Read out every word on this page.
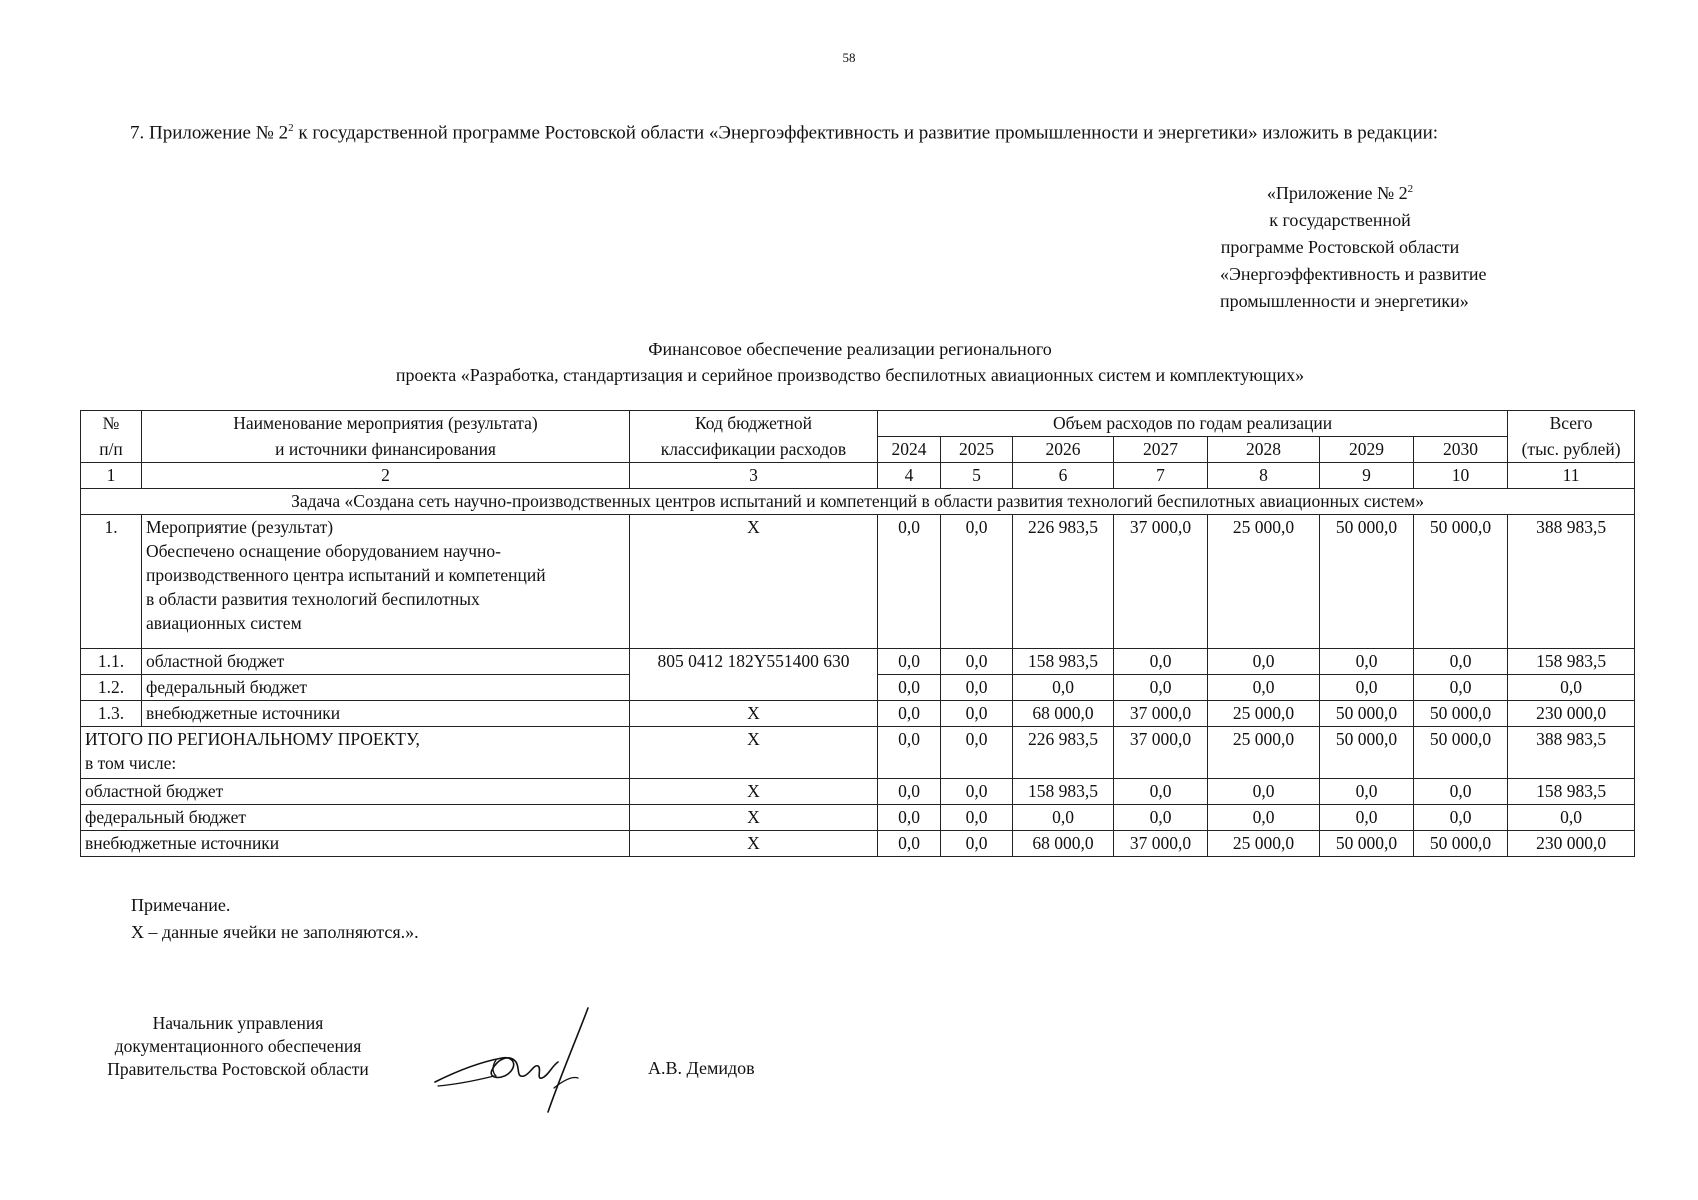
58
7. Приложение № $2^2$ к государственной программе Ростовской области «Энергоэффективность и развитие промышленности и энергетики» изложить в редакции:
«Приложение № $2^2$
к государственной
программе Ростовской области
«Энергоэффективность и развитие
промышленности и энергетики»
Финансовое обеспечение реализации регионального
проекта «Разработка, стандартизация и серийное производство беспилотных авиационных систем и комплектующих»
№	Наименование мероприятия (результата)	Код бюджетной	Объем расходов по годам реализации							Всего
п/п	и источники финансирования	классификации расходов	2024	2025	2026	2027	2028	2029	2030	(тыс. рублей)
1	2	3	4	5	6	7	8	9	10	11
Задача «Создана сеть научно-производственных центров испытаний и компетенций в области развития технологий беспилотных авиационных систем»										
1.	Мероприятие (результат)
Обеспечено оснащение оборудованием научно-
производственного центра испытаний и компетенций
в области развития технологий беспилотных
авиационных систем	Х	0,0	0,0	226 983,5	37 000,0	25 000,0	50 000,0	50 000,0	388 983,5
1.1.	областной бюджет	805 0412 182Y551400 630	0,0	0,0	158 983,5	0,0	0,0	0,0	0,0	158 983,5
1.2.	федеральный бюджет		0,0	0,0	0,0	0,0	0,0	0,0	0,0	0,0
1.3.	внебюджетные источники	Х	0,0	0,0	68 000,0	37 000,0	25 000,0	50 000,0	50 000,0	230 000,0

ИТОГО ПО РЕГИОНАЛЬНОМУ ПРОЕКТУ,
в том числе:		Х	0,0	0,0	226 983,5	37 000,0	25 000,0	50 000,0	50 000,0	388 983,5
областной бюджет		Х	0,0	0,0	158 983,5	0,0	0,0	0,0	0,0	158 983,5
федеральный бюджет		Х	0,0	0,0	0,0	0,0	0,0	0,0	0,0	0,0
внебюджетные источники		Х	0,0	0,0	68 000,0	37 000,0	25 000,0	50 000,0	50 000,0	230 000,0
Примечание.
Х – данные ячейки не заполняются.».
Начальник управления
документационного обеспечения
Правительства Ростовской области	А.В. Демидов
